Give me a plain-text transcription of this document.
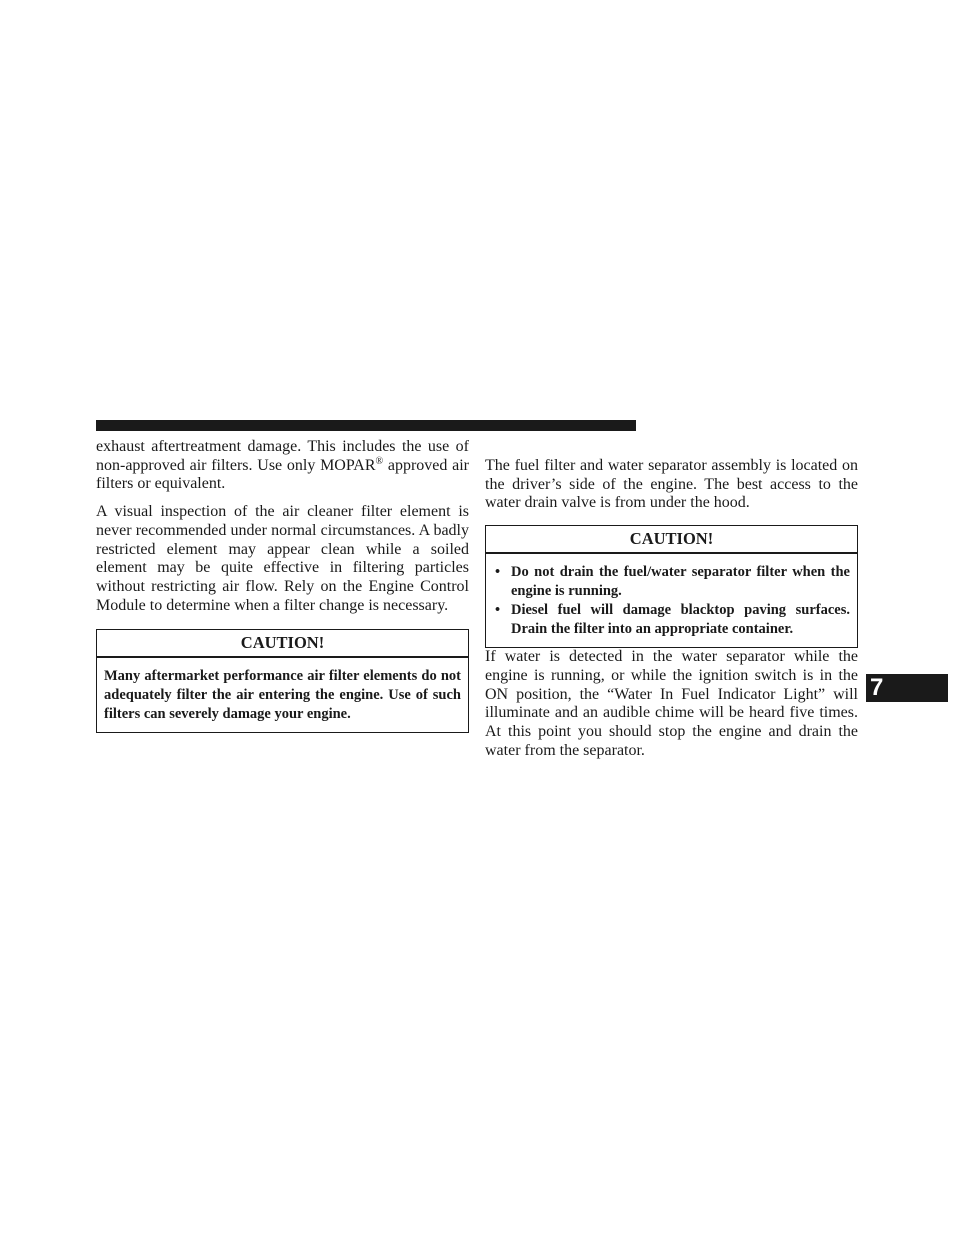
exhaust aftertreatment damage. This includes the use of non-approved air filters. Use only MOPAR® approved air filters or equivalent.

A visual inspection of the air cleaner filter element is never recommended under normal circumstances. A badly restricted element may appear clean while a soiled element may be quite effective in filtering particles without restricting air flow. Rely on the Engine Control Module to determine when a filter change is necessary.

CAUTION!
Many aftermarket performance air filter elements do not adequately filter the air entering the engine. Use of such filters can severely damage your engine.

The fuel filter and water separator assembly is located on the driver’s side of the engine. The best access to the water drain valve is from under the hood.

CAUTION!
• Do not drain the fuel/water separator filter when the engine is running.
• Diesel fuel will damage blacktop paving surfaces. Drain the filter into an appropriate container.

If water is detected in the water separator while the engine is running, or while the ignition switch is in the ON position, the “Water In Fuel Indicator Light” will illuminate and an audible chime will be heard five times. At this point you should stop the engine and drain the water from the separator.

7
